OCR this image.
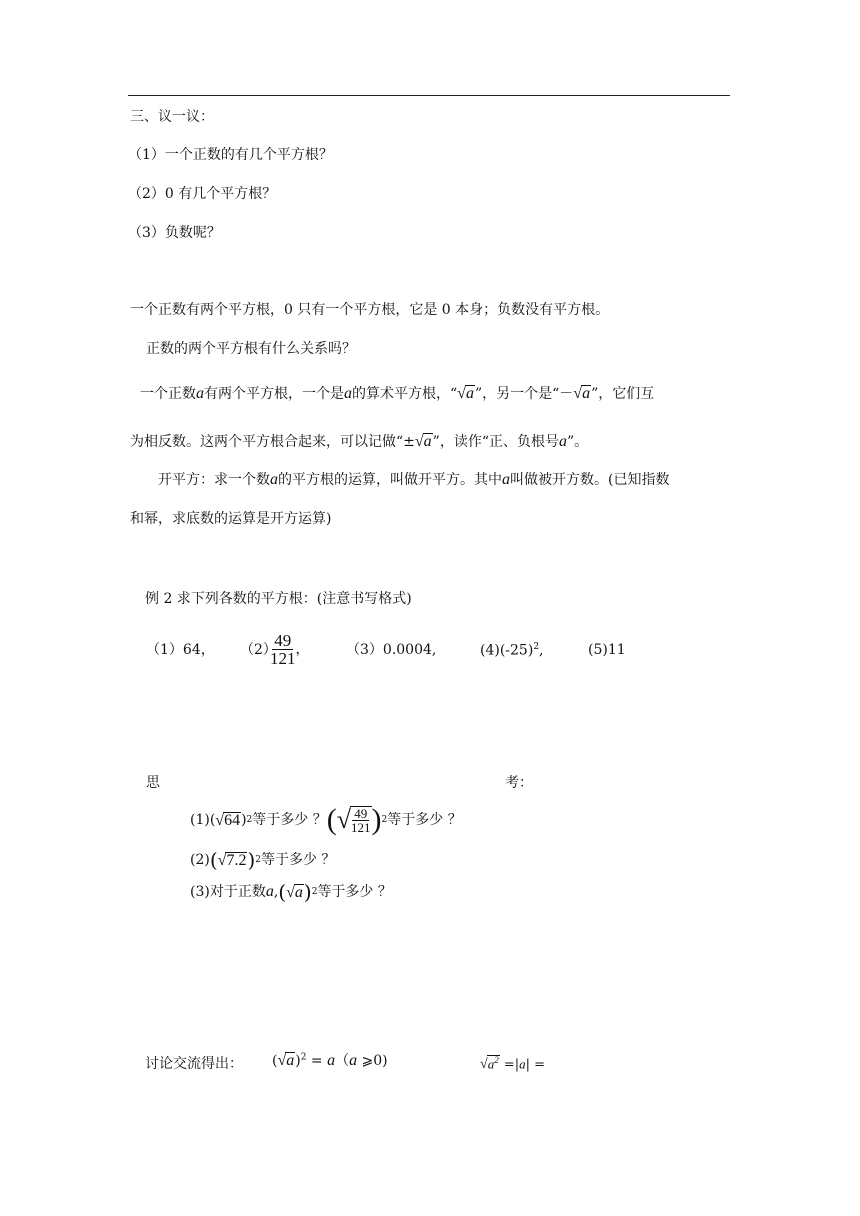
三、议一议：
（1）一个正数的有几个平方根？
（2）0 有几个平方根？
（3）负数呢？
一个正数有两个平方根，0 只有一个平方根，它是 0 本身；负数没有平方根。
正数的两个平方根有什么关系吗？
一个正数a有两个平方根，一个是a的算术平方根，“√a”，另一个是“－√a”，它们互
为相反数。这两个平方根合起来，可以记做“±√a”，读作“正、负根号a”。
开平方：求一个数a的平方根的运算，叫做开平方。其中a叫做被开方数。(已知指数
和幂，求底数的运算是开方运算)
例 2 求下列各数的平方根：(注意书写格式)
（1）64， （2）
$\frac{49}{121}$ ，	（3）0.0004,	$(4)(-25)^2$,	(5)11
思	考：
(1)( √64 ) 2 等于多少 ？ ( √ $\frac{49}{121}$ ) 2 等于多少 ？
(2) ( √7.2 ) 2 等于多少 ？
(3)对于正数 a , ( √a ) 2 等于多少 ？
讨论交流得出： $(√a)^2 = a(a$ ⩾0)	$√a^2 =|a|$ =
